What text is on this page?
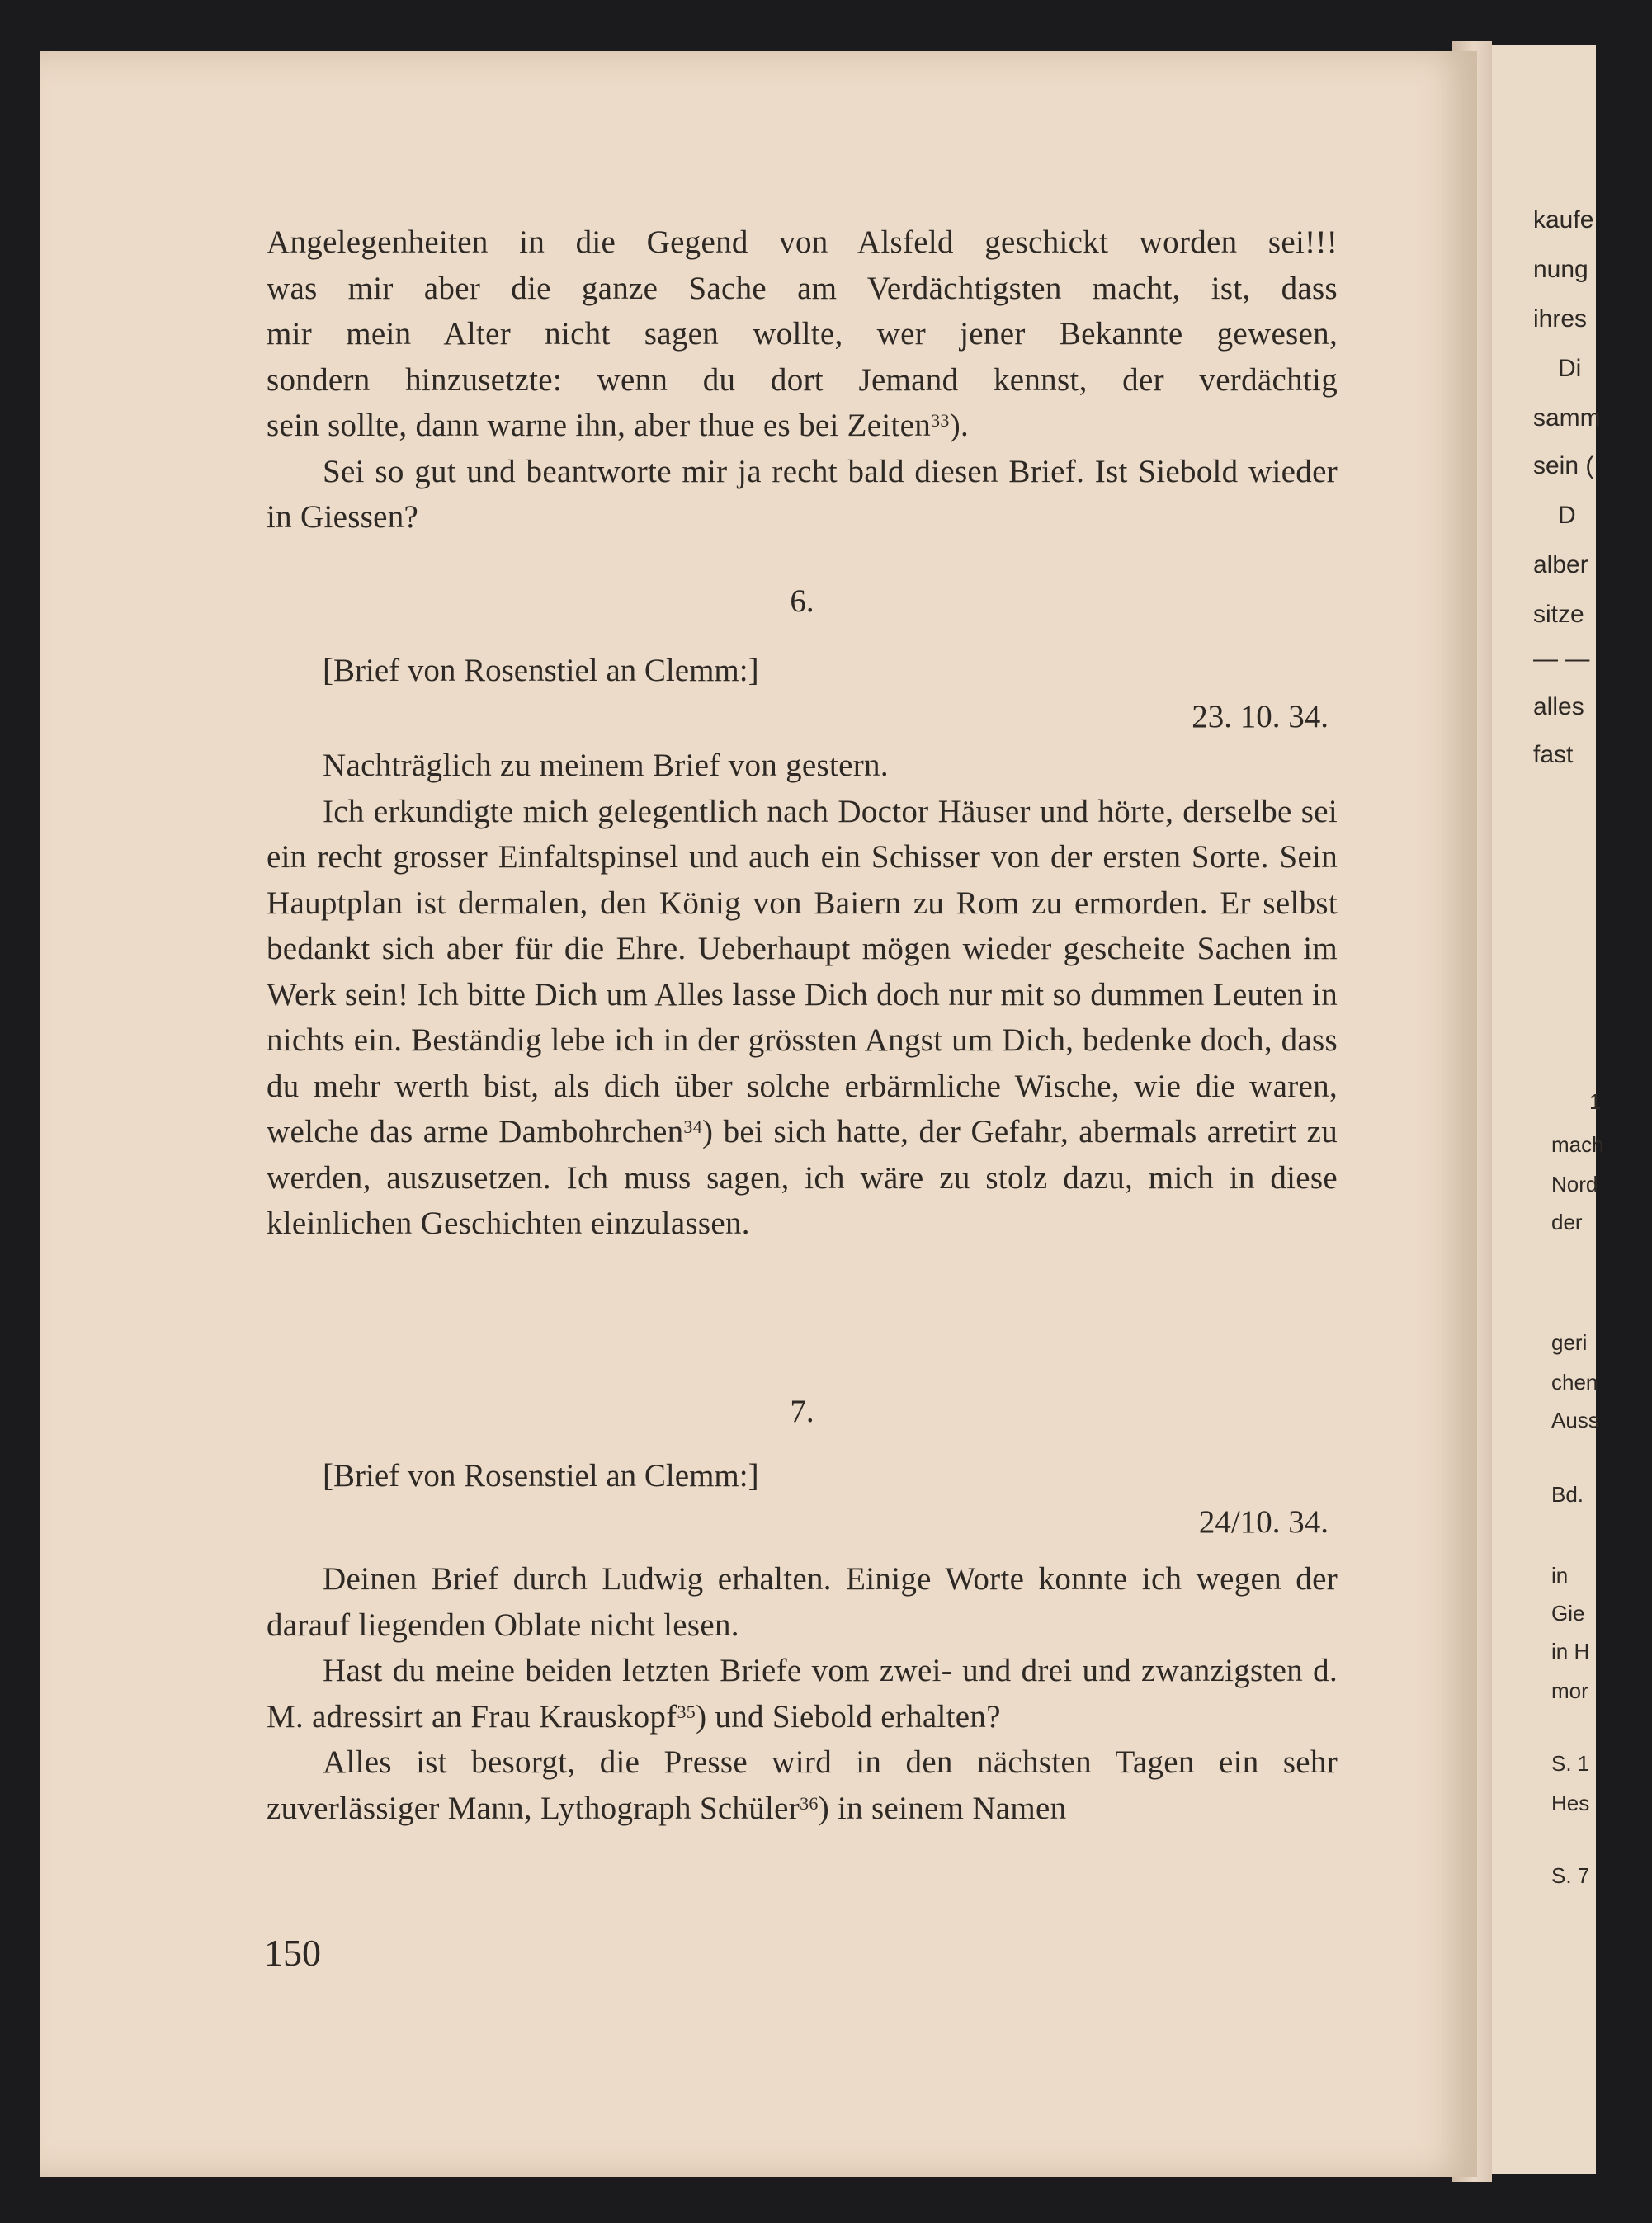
Angelegenheiten in die Gegend von Alsfeld geschickt worden sei!!!
was mir aber die ganze Sache am Verdächtigsten macht, ist, dass
mir mein Alter nicht sagen wollte, wer jener Bekannte gewesen,
sondern hinzusetzte: wenn du dort Jemand kennst, der verdächtig
sein sollte, dann warne ihn, aber thue es bei Zeiten$^{33}$).

Sei so gut und beantworte mir ja recht bald diesen Brief. Ist Siebold wieder in Giessen?

6.
[Brief von Rosenstiel an Clemm:]
23. 10. 34.

Nachträglich zu meinem Brief von gestern.

Ich erkundigte mich gelegentlich nach Doctor Häuser und hörte, derselbe sei ein recht grosser Einfaltspinsel und auch ein Schisser von der ersten Sorte. Sein Hauptplan ist dermalen, den König von Baiern zu Rom zu ermorden. Er selbst bedankt sich aber für die Ehre. Ueberhaupt mögen wieder gescheite Sachen im Werk sein! Ich bitte Dich um Alles lasse Dich doch nur mit so dummen Leuten in nichts ein. Beständig lebe ich in der grössten Angst um Dich, bedenke doch, dass du mehr werth bist, als dich über solche erbärmliche Wische, wie die waren, welche das arme Dambohrchen$^{34}$) bei sich hatte, der Gefahr, abermals arretirt zu werden, auszusetzen. Ich muss sagen, ich wäre zu stolz dazu, mich in diese kleinlichen Geschichten einzulassen.

7.
[Brief von Rosenstiel an Clemm:]
24/10. 34.

Deinen Brief durch Ludwig erhalten. Einige Worte konnte ich wegen der darauf liegenden Oblate nicht lesen.

Hast du meine beiden letzten Briefe vom zwei- und drei und zwanzigsten d. M. adressirt an Frau Krauskopf$^{35}$) und Siebold erhalten?

Alles ist besorgt, die Presse wird in den nächsten Tagen ein sehr zuverlässiger Mann, Lythograph Schüler$^{36}$) in seinem Namen

150
kaufe
nung
ihres
Di
samm
sein (
D
alber
sitze
— —
alles
fast
1
mach
Nord
der
geri
chen
Auss
Bd.
in
Gie
in H
mor
S. 1
Hes
S. 7
